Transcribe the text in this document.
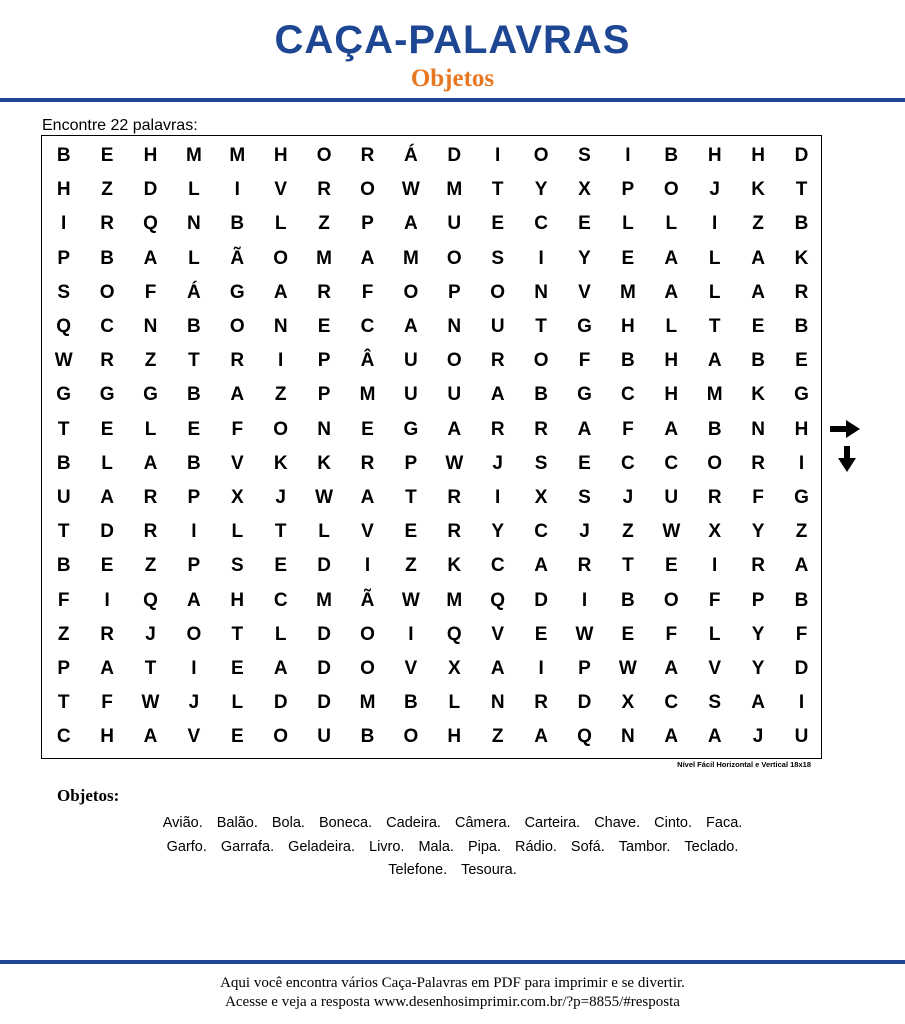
CAÇA-PALAVRAS
Objetos
Encontre 22 palavras:
B	E	H	M	M	H	O	R	Á	D	I	O	S	I	B	H	H	D
H	Z	D	L	I	V	R	O	W	M	T	Y	X	P	O	J	K	T
I	R	Q	N	B	L	Z	P	A	U	E	C	E	L	L	I	Z	B
P	B	A	L	Ã	O	M	A	M	O	S	I	Y	E	A	L	A	K
S	O	F	Á	G	A	R	F	O	P	O	N	V	M	A	L	A	R
Q	C	N	B	O	N	E	C	A	N	U	T	G	H	L	T	E	B
W	R	Z	T	R	I	P	Â	U	O	R	O	F	B	H	A	B	E
G	G	G	B	A	Z	P	M	U	U	A	B	G	C	H	M	K	G
T	E	L	E	F	O	N	E	G	A	R	R	A	F	A	B	N	H
B	L	A	B	V	K	K	R	P	W	J	S	E	C	C	O	R	I
U	A	R	P	X	J	W	A	T	R	I	X	S	J	U	R	F	G
T	D	R	I	L	T	L	V	E	R	Y	C	J	Z	W	X	Y	Z
B	E	Z	P	S	E	D	I	Z	K	C	A	R	T	E	I	R	A
F	I	Q	A	H	C	M	Ã	W	M	Q	D	I	B	O	F	P	B
Z	R	J	O	T	L	D	O	I	Q	V	E	W	E	F	L	Y	F
P	A	T	I	E	A	D	O	V	X	A	I	P	W	A	V	Y	D
T	F	W	J	L	D	D	M	B	L	N	R	D	X	C	S	A	I
C	H	A	V	E	O	U	B	O	H	Z	A	Q	N	A	A	J	U
Nível Fácil Horizontal e Vertical 18x18
Objetos:
Avião. Balão. Bola. Boneca. Cadeira. Câmera. Carteira. Chave. Cinto. Faca.
Garfo. Garrafa. Geladeira. Livro. Mala. Pipa. Rádio. Sofá. Tambor. Teclado.
Telefone. Tesoura.
Aqui você encontra vários Caça-Palavras em PDF para imprimir e se divertir.
Acesse e veja a resposta www.desenhosimprimir.com.br/?p=8855/#resposta
